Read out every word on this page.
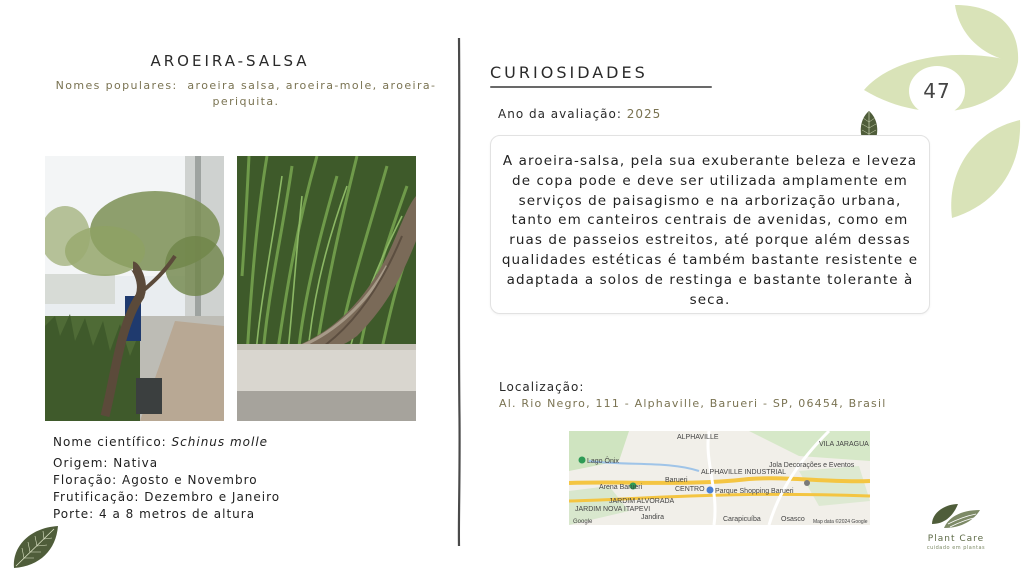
47
AROEIRA-SALSA
Nomes populares: aroeira salsa, aroeira-mole, aroeira-periquita.
Nome científico: Schinus molle
Origem: Nativa
Floração: Agosto e Novembro
Frutificação: Dezembro e Janeiro
Porte: 4 a 8 metros de altura
CURIOSIDADES
Ano da avaliação: 2025

A aroeira-salsa, pela sua exuberante beleza e leveza de copa pode e deve ser utilizada amplamente em serviços de paisagismo e na arborização urbana, tanto em canteiros centrais de avenidas, como em ruas de passeios estreitos, até porque além dessas qualidades estéticas é também bastante resistente e adaptada a solos de restinga e bastante tolerante à seca.

Localização:
Al. Rio Negro, 111 - Alphaville, Barueri - SP, 06454, Brasil
ALPHAVILLE
VILA JARAGUA
Lago Ônix
Jola Decorações e Eventos
ALPHAVILLE INDUSTRIAL
Barueri
CENTRO
Arena Barueri
Parque Shopping Barueri
JARDIM ALVORADA
JARDIM NOVA ITAPEVI
Jandira	Carapicuíba	Osasco Map data ©2024 Google
Google
Plant Care
cuidado em plantas
